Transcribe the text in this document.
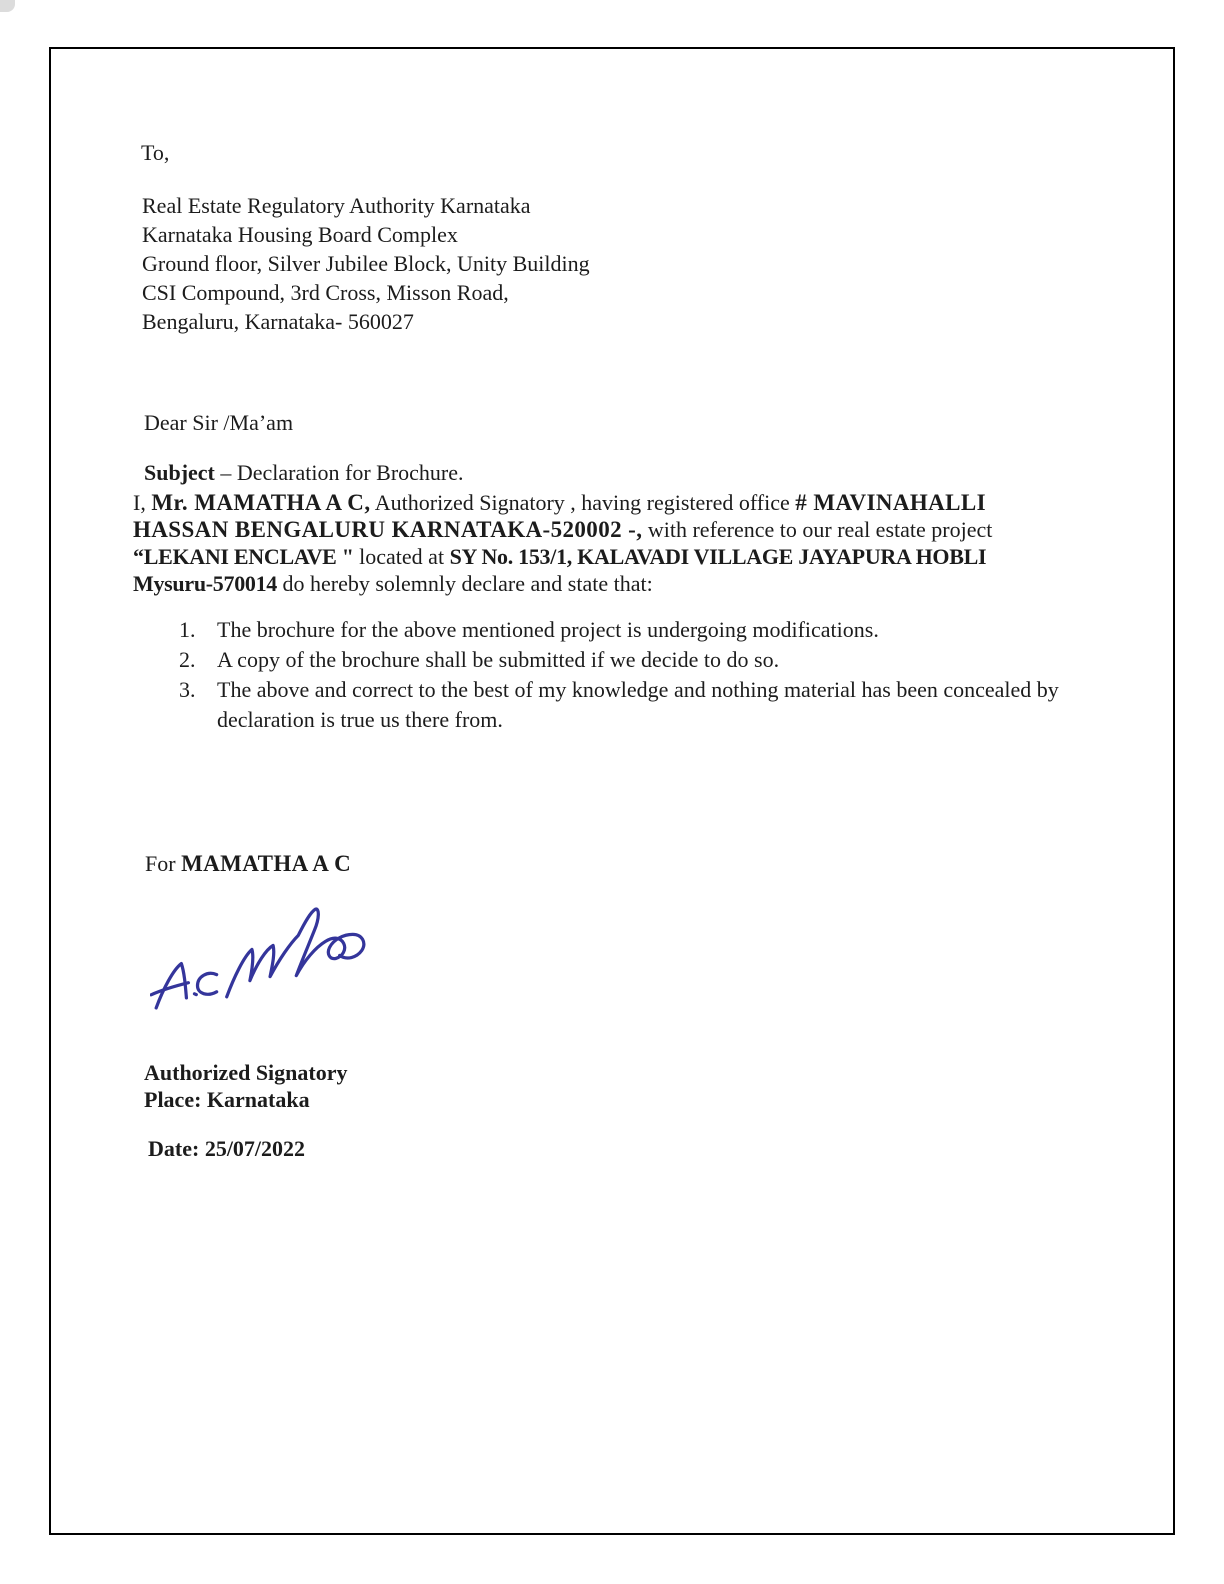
To,
Real Estate Regulatory Authority Karnataka
Karnataka Housing Board Complex
Ground floor, Silver Jubilee Block, Unity Building
CSI Compound, 3rd Cross, Misson Road,
Bengaluru, Karnataka- 560027
Dear Sir /Ma’am
Subject – Declaration for Brochure.

I, Mr. MAMATHA A C, Authorized Signatory , having registered office # MAVINAHALLI HASSAN BENGALURU KARNATAKA-520002 -, with reference to our real estate project “LEKANI ENCLAVE " located at SY No. 153/1, KALAVADI VILLAGE JAYAPURA HOBLI Mysuru-570014 do hereby solemnly declare and state that:

1. The brochure for the above mentioned project is undergoing modifications.
2. A copy of the brochure shall be submitted if we decide to do so.
3. The above and correct to the best of my knowledge and nothing material has been concealed by declaration is true us there from.
For MAMATHA A C
Authorized Signatory
Place: Karnataka
Date: 25/07/2022
